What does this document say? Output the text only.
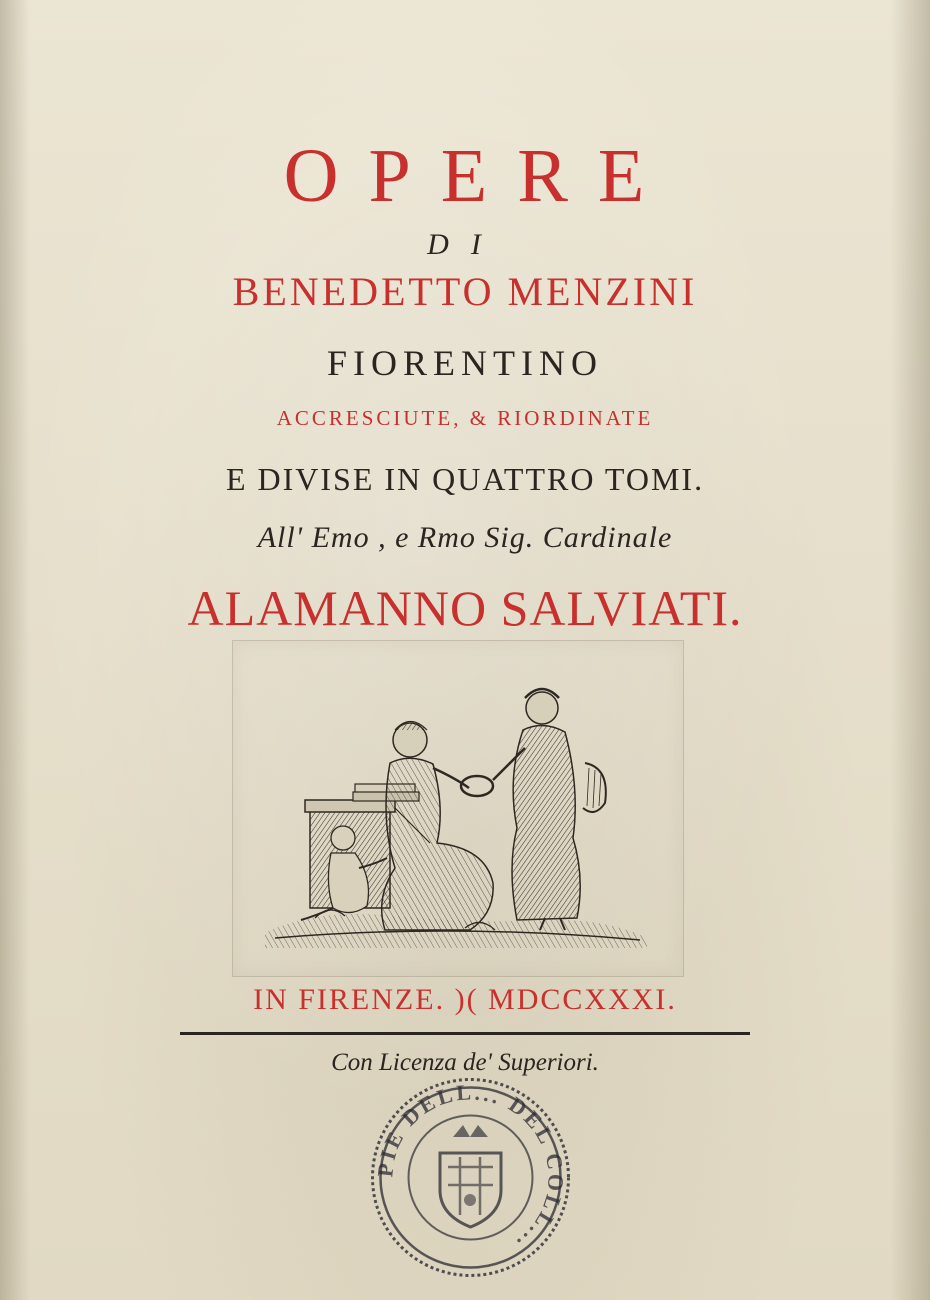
OPERE
DI
BENEDETTO MENZINI
FIORENTINO
ACCRESCIUTE, & RIORDINATE
E DIVISE IN QUATTRO TOMI.
All' Emo , e Rmo Sig. Cardinale
ALAMANNO SALVIATI.
IN FIRENZE. )( MDCCXXXI.
Con Licenza de' Superiori.
PIE DELL... DEL COLL...
